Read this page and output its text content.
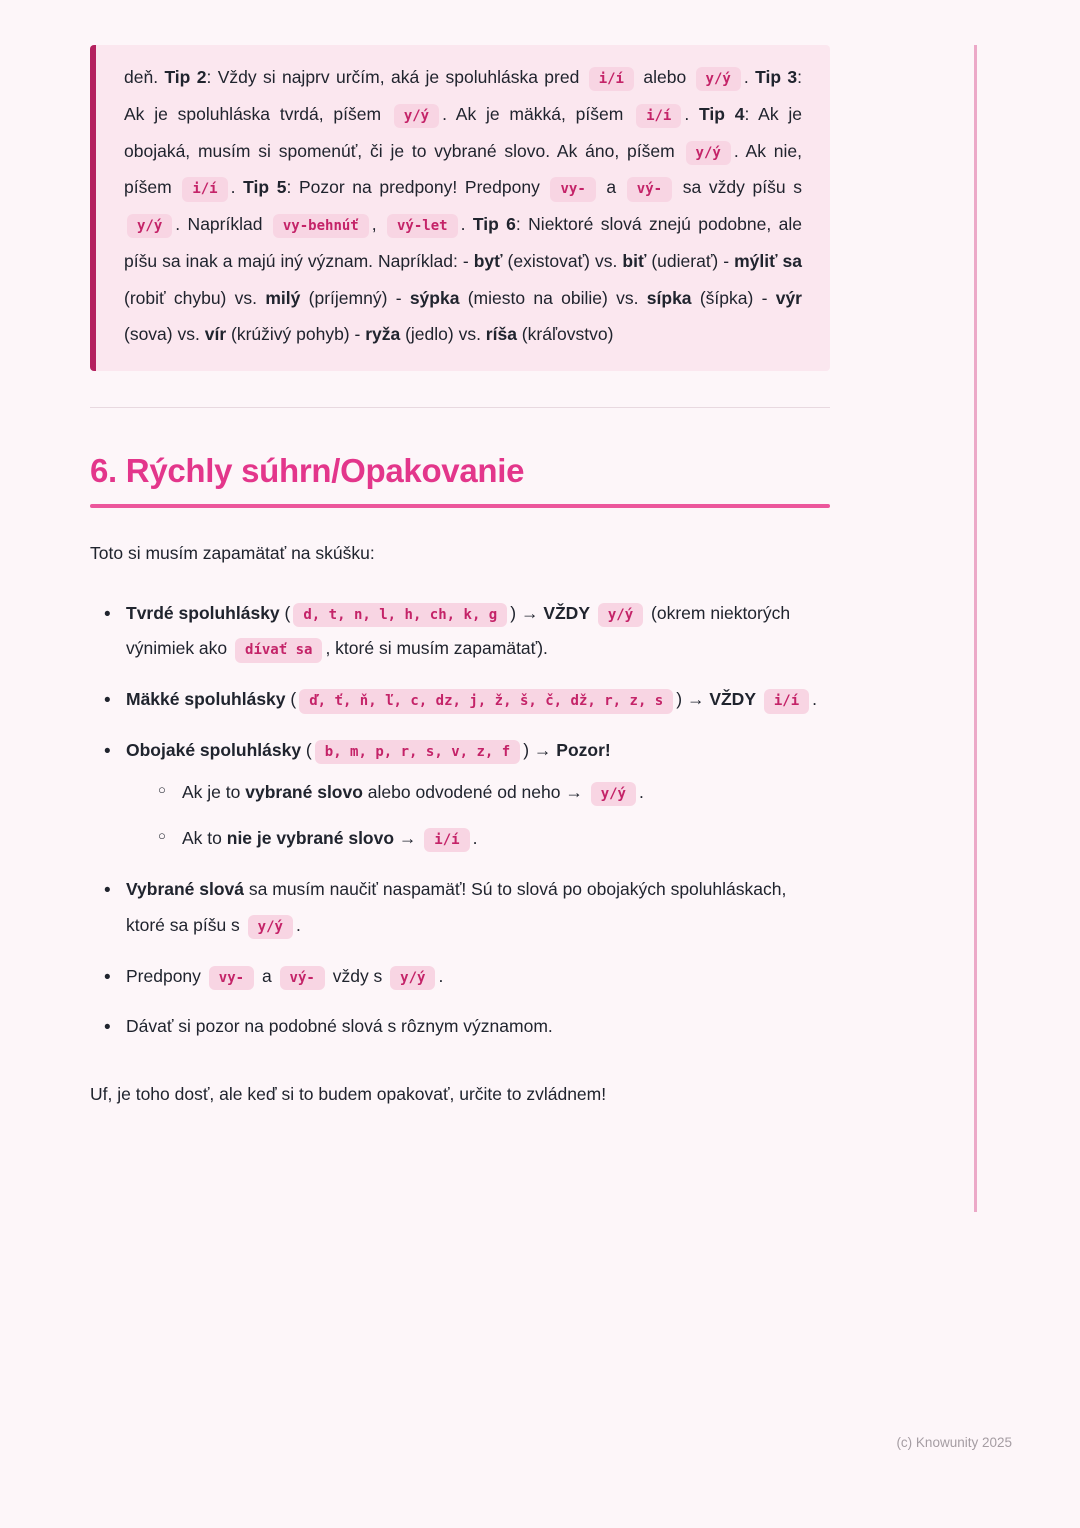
deň. Tip 2: Vždy si najprv určím, aká je spoluhláska pred i/í alebo y/ý . Tip 3: Ak je spoluhláska tvrdá, píšem y/ý . Ak je mäkká, píšem i/í . Tip 4: Ak je obojaká, musím si spomenúť, či je to vybrané slovo. Ak áno, píšem y/ý . Ak nie, píšem i/í . Tip 5: Pozor na predpony! Predpony vy- a vý- sa vždy píšu s y/ý . Napríklad vy-behnúť , vý-let . Tip 6: Niektoré slová znejú podobne, ale píšu sa inak a majú iný význam. Napríklad: - byť (existovať) vs. biť (udierať) - mýliť sa (robiť chybu) vs. milý (príjemný) - sýpka (miesto na obilie) vs. sípka (šípka) - výr (sova) vs. vír (krúživý pohyb) - ryža (jedlo) vs. ríša (kráľovstvo)

6. Rýchly súhrn/Opakovanie

Toto si musím zapamätať na skúšku:

• Tvrdé spoluhlásky ( d, t, n, l, h, ch, k, g ) → VŽDY y/ý (okrem niektorých výnimiek ako dívať sa , ktoré si musím zapamätať).
• Mäkké spoluhlásky ( ď, ť, ň, ľ, c, dz, j, ž, š, č, dž, r, z, s ) → VŽDY i/í .
• Obojaké spoluhlásky ( b, m, p, r, s, v, z, f ) → Pozor!
○ Ak je to vybrané slovo alebo odvodené od neho → y/ý .
○ Ak to nie je vybrané slovo → i/í .
• Vybrané slová sa musím naučiť naspamäť! Sú to slová po obojakých spoluhláskach, ktoré sa píšu s y/ý .
• Predpony vy- a vý- vždy s y/ý .
• Dávať si pozor na podobné slová s rôznym významom.

Uf, je toho dosť, ale keď si to budem opakovať, určite to zvládnem!

(c) Knowunity 2025
